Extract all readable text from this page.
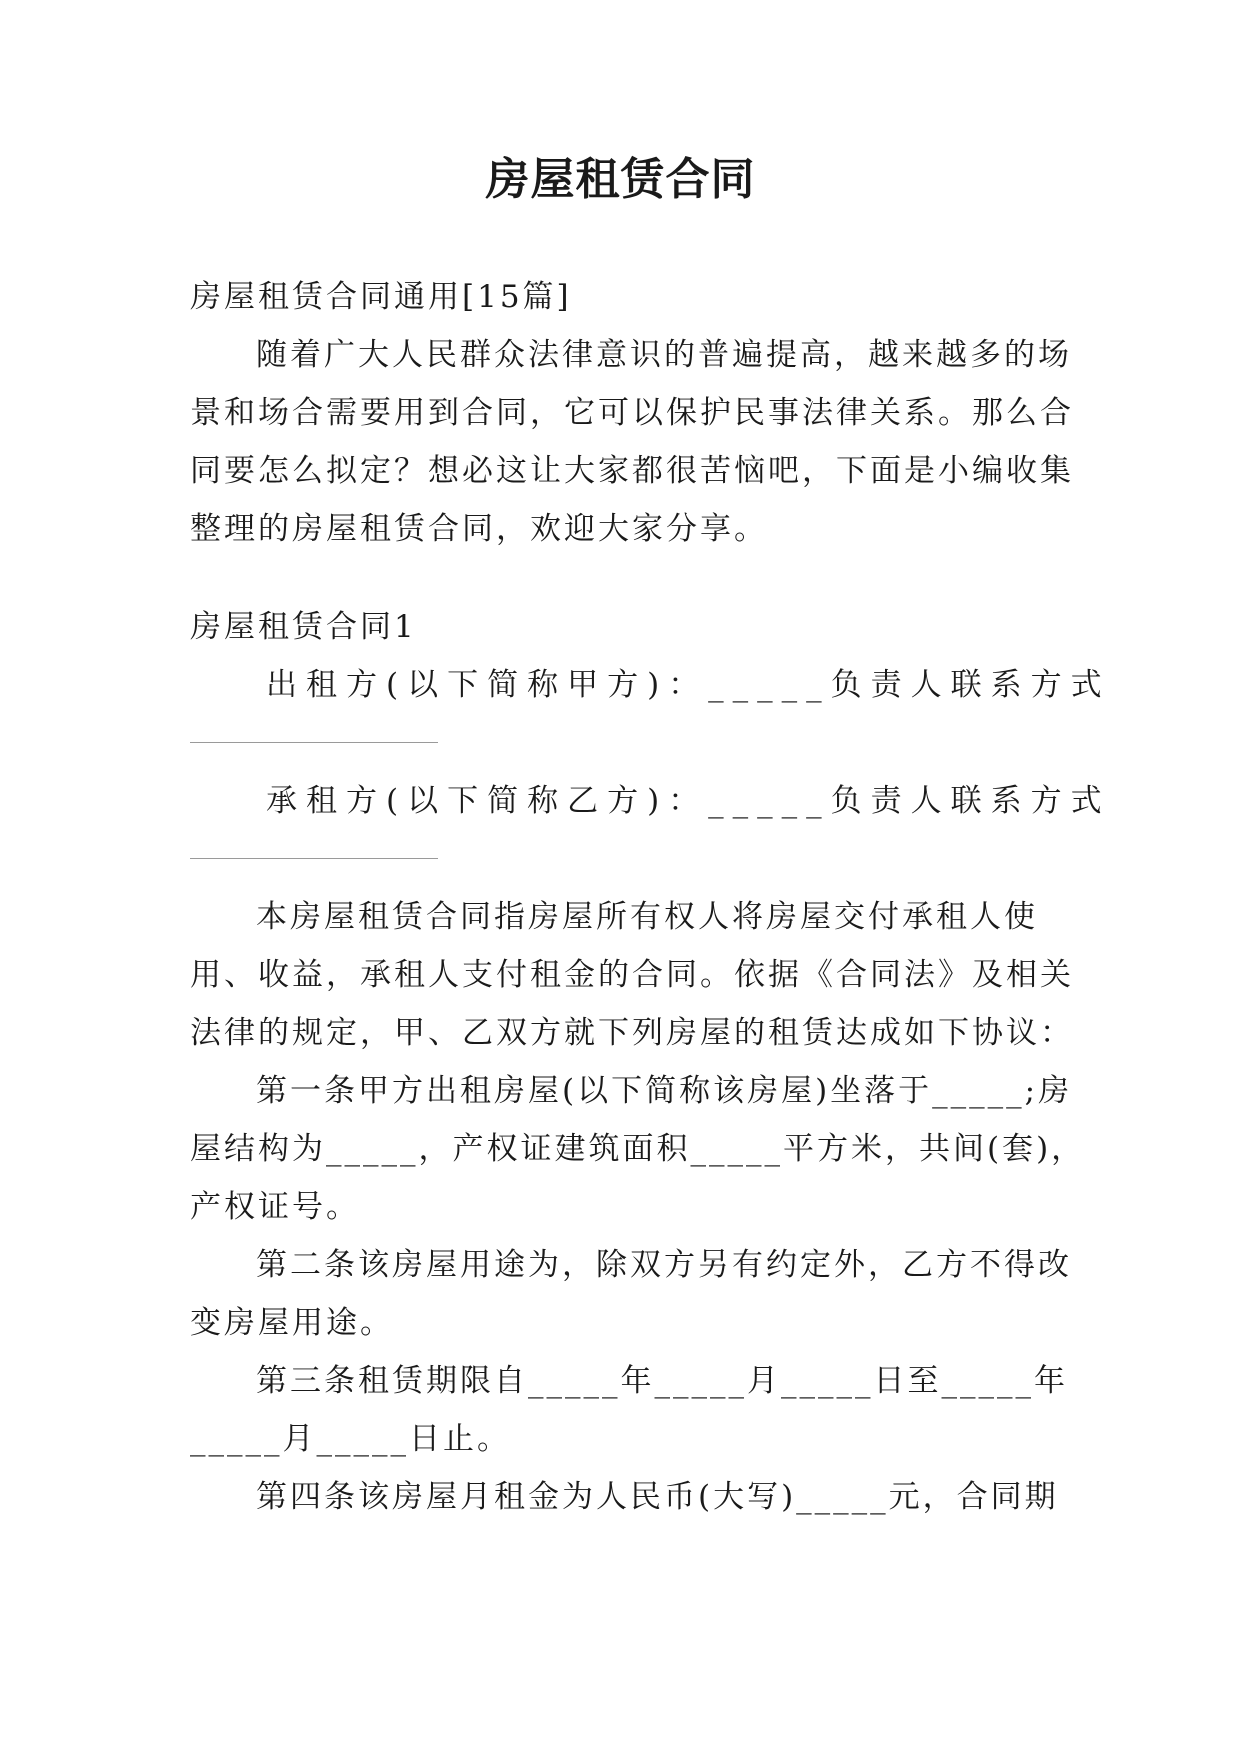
房屋租赁合同
房屋租赁合同通用[15篇]
随着广大人民群众法律意识的普遍提高，越来越多的场
景和场合需要用到合同，它可以保护民事法律关系。那么合
同要怎么拟定？想必这让大家都很苦恼吧，下面是小编收集
整理的房屋租赁合同，欢迎大家分享。
房屋租赁合同1
出租方(以下简称甲方)：_____负责人联系方式
承租方(以下简称乙方)：_____负责人联系方式
本房屋租赁合同指房屋所有权人将房屋交付承租人使
用、收益，承租人支付租金的合同。依据《合同法》及相关
法律的规定，甲、乙双方就下列房屋的租赁达成如下协议：
第一条甲方出租房屋(以下简称该房屋)坐落于_____;房
屋结构为_____，产权证建筑面积_____平方米，共间(套)，
产权证号。
第二条该房屋用途为，除双方另有约定外，乙方不得改
变房屋用途。
第三条租赁期限自_____年_____月_____日至_____年
_____月_____日止。
第四条该房屋月租金为人民币(大写)_____元，合同期
